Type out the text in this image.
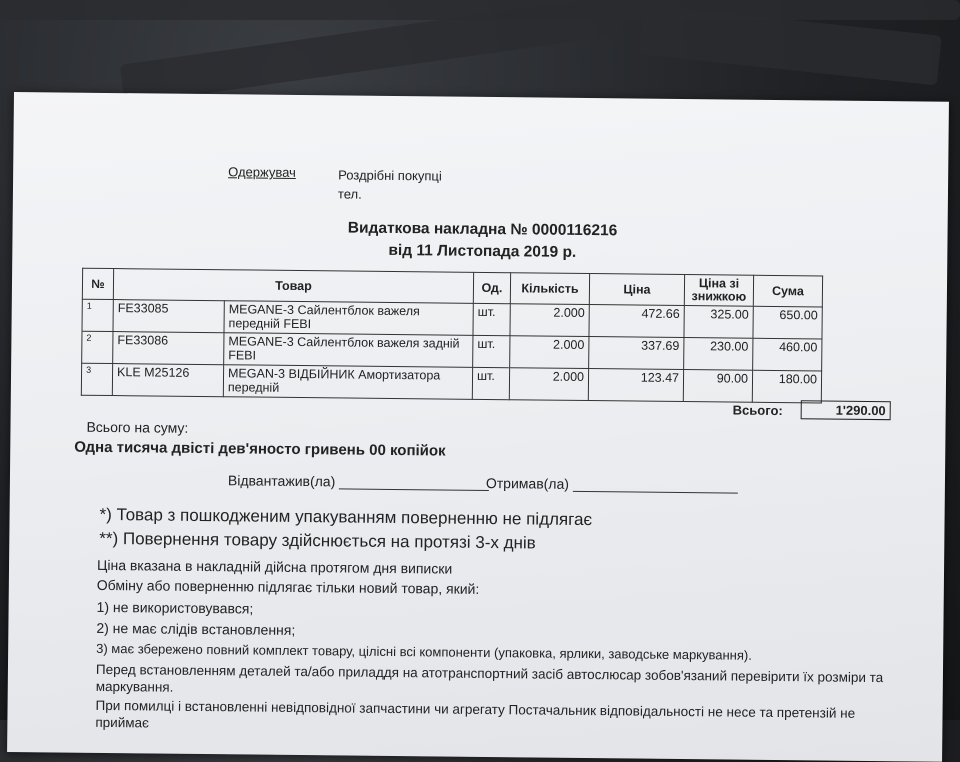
Одержувач	Роздрібні покупці
тел.
Видаткова накладна № 0000116216
від 11 Листопада 2019 р.
№	Товар		Од.	Кількість	Ціна	Ціна зі знижкою	Сума
1	FE33085	MEGANE-3 Сайлентблок важеля передній FEBI	шт.	2.000	472.66	325.00	650.00
2	FE33086	MEGANE-3 Сайлентблок важеля задній FEBI	шт.	2.000	337.69	230.00	460.00
3	KLE M25126	MEGAN-3 ВІДБІЙНИК Амортизатора передній	шт.	2.000	123.47	90.00	180.00
Всього:	1'290.00
Всього на суму:
Одна тисяча двісті дев'яносто гривень 00 копійок
Відвантажив(ла)	Отримав(ла)
*) Товар з пошкодженим упакуванням поверненню не підлягає
**) Повернення товару здійснюється на протязі 3-х днів
Ціна вказана в накладній дійсна протягом дня виписки
Обміну або поверненню підлягає тільки новий товар, який:
1) не використовувався;
2) не має слідів встановлення;
3) має збережено повний комплект товару, цілісні всі компоненти (упаковка, ярлики, заводське маркування).
Перед встановленням деталей та/або приладдя на атотранспортний засіб автослюсар зобов'язаний перевірити їх розміри та маркування.
При помилці і встановленні невідповідної запчастини чи агрегату Постачальник відповідальності не несе та претензій не приймає
